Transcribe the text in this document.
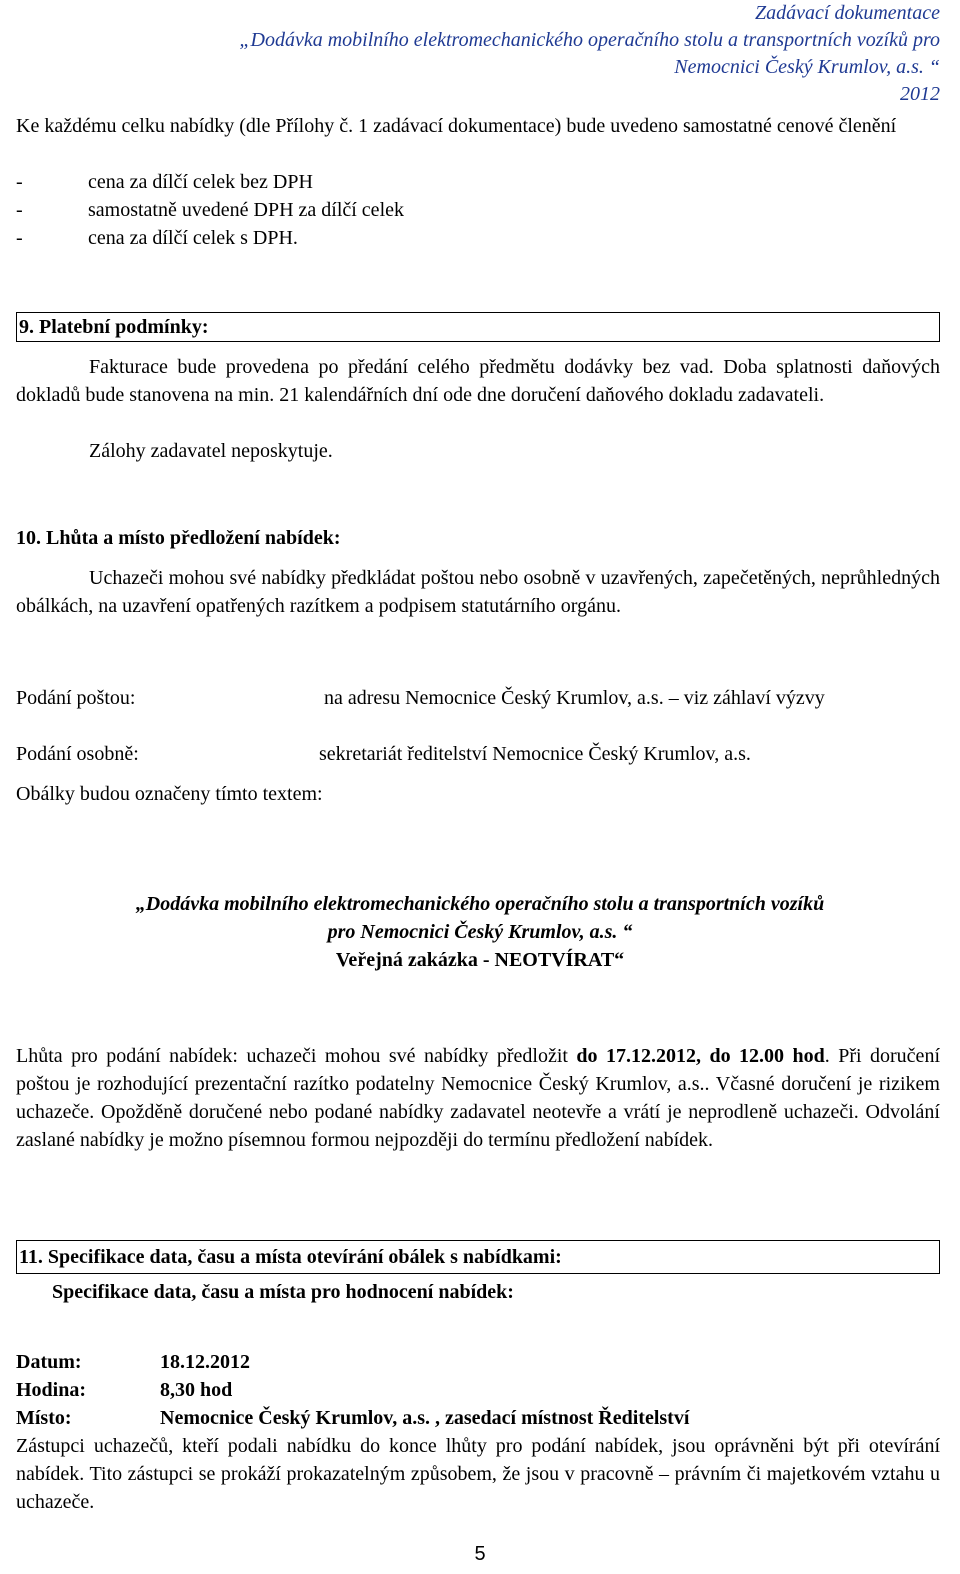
Zadávací dokumentace
„Dodávka mobilního elektromechanického operačního stolu a transportních vozíků pro
Nemocnici Český Krumlov, a.s. “
2012
Ke každému celku nabídky (dle Přílohy č. 1 zadávací dokumentace) bude uvedeno samostatné cenové členění
-	cena za dílčí celek bez DPH
-	samostatně uvedené DPH za dílčí celek
-	cena za dílčí celek s DPH.
9. Platební podmínky:
Fakturace bude provedena po předání celého předmětu dodávky bez vad. Doba splatnosti daňových dokladů bude stanovena na min. 21 kalendářních dní ode dne doručení daňového dokladu zadavateli.
Zálohy zadavatel neposkytuje.
10. Lhůta a místo předložení nabídek:
Uchazeči mohou své nabídky předkládat poštou nebo osobně v uzavřených, zapečetěných, neprůhledných obálkách, na uzavření opatřených razítkem a podpisem statutárního orgánu.
Podání poštou:	na adresu Nemocnice Český Krumlov, a.s. – viz záhlaví výzvy
Podání osobně:	sekretariát ředitelství Nemocnice Český Krumlov, a.s.
Obálky budou označeny tímto textem:
„Dodávka mobilního elektromechanického operačního stolu a transportních vozíků
pro Nemocnici Český Krumlov, a.s. “
Veřejná zakázka - NEOTVÍRAT“
Lhůta pro podání nabídek: uchazeči mohou své nabídky předložit do 17.12.2012, do 12.00 hod. Při doručení poštou je rozhodující prezentační razítko podatelny Nemocnice Český Krumlov, a.s.. Včasné doručení je rizikem uchazeče. Opožděně doručené nebo podané nabídky zadavatel neotevře a vrátí je neprodleně uchazeči. Odvolání zaslané nabídky je možno písemnou formou nejpozději do termínu předložení nabídek.
11. Specifikace data, času a místa otevírání obálek s nabídkami:
Specifikace data, času a místa pro hodnocení nabídek:
Datum:	18.12.2012
Hodina:	8,30 hod
Místo:	Nemocnice Český Krumlov, a.s. , zasedací místnost Ředitelství
Zástupci uchazečů, kteří podali nabídku do konce lhůty pro podání nabídek, jsou oprávněni být při otevírání nabídek. Tito zástupci se prokáží prokazatelným způsobem, že jsou v pracovně – právním či majetkovém vztahu u uchazeče.
5
